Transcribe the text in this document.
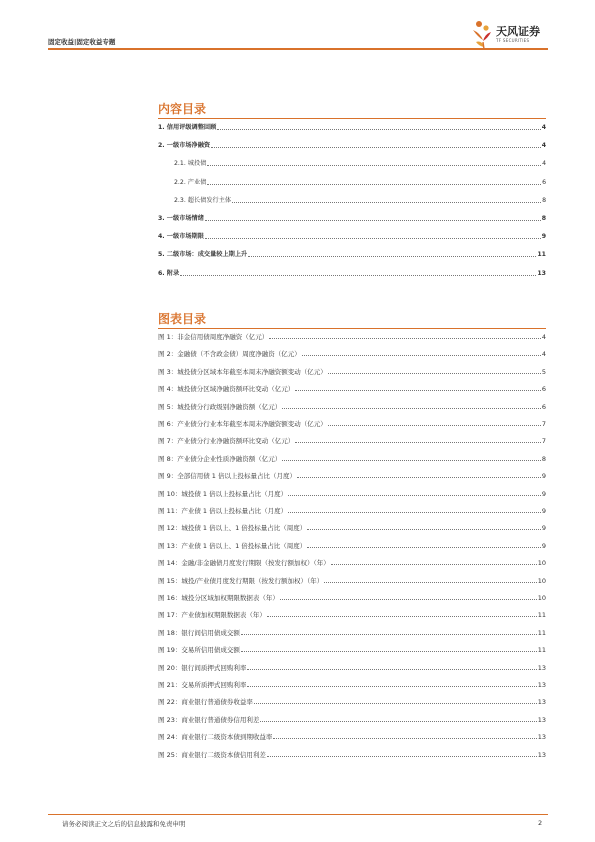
固定收益|固定收益专题
天风证券
TF SECURITIES
内容目录
1. 信用评级调整回顾	4
2. 一级市场净融资	4
2.1. 城投债	4
2.2. 产业债	6
2.3. 超长债发行主体	8
3. 一级市场情绪	8
4. 一级市场期限	9
5. 二级市场：成交量较上期上升	11
6. 附录	13
图表目录
图 1：非金信用债周度净融资（亿元）	4
图 2：金融债（不含政金债）周度净融资（亿元）	4
图 3：城投债分区域本年截至本周末净融资额变动（亿元）	5
图 4：城投债分区域净融资额环比变动（亿元）	6
图 5：城投债分行政级别净融资额（亿元）	6
图 6：产业债分行业本年截至本周末净融资额变动（亿元）	7
图 7：产业债分行业净融资额环比变动（亿元）	7
图 8：产业债分企业性质净融资额（亿元）	8
图 9：全部信用债 1 倍以上投标量占比（月度）	9
图 10：城投债 1 倍以上投标量占比（月度）	9
图 11：产业债 1 倍以上投标量占比（月度）	9
图 12：城投债 1 倍以上、1 倍投标量占比（周度）	9
图 13：产业债 1 倍以上、1 倍投标量占比（周度）	9
图 14：金融/非金融债月度发行期限（按发行额加权）（年）	10
图 15：城投/产业债月度发行期限（按发行额加权）（年）	10
图 16：城投分区域加权期限数据表（年）	10
图 17：产业债加权期限数据表（年）	11
图 18：银行间信用债成交额	11
图 19：交易所信用债成交额	11
图 20：银行间质押式回购利率	13
图 21：交易所质押式回购利率	13
图 22：商业银行普通债券收益率	13
图 23：商业银行普通债券信用利差	13
图 24：商业银行二级资本债到期收益率	13
图 25：商业银行二级资本债信用利差	13
请务必阅读正文之后的信息披露和免责申明	2
